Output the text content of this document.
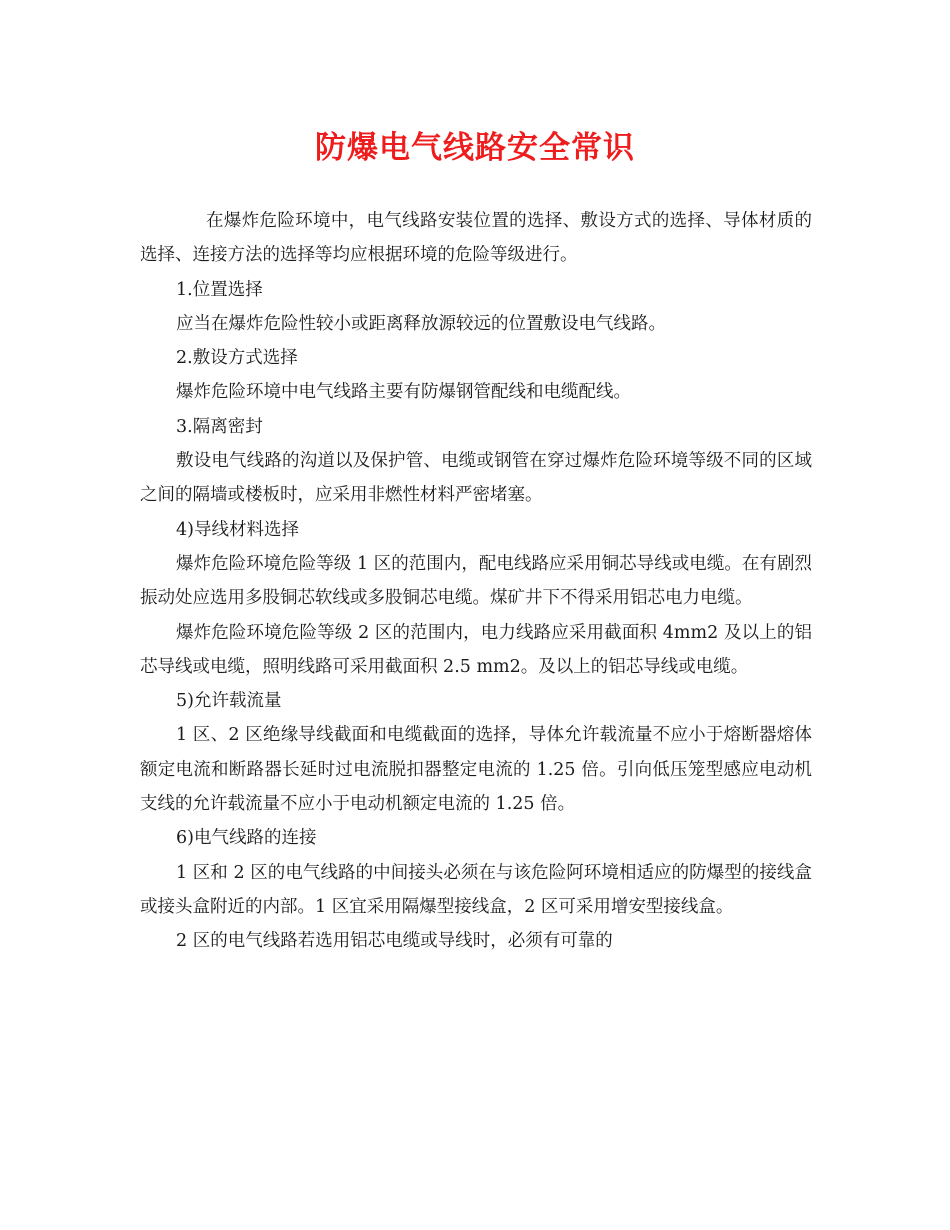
防爆电气线路安全常识

在爆炸危险环境中，电气线路安装位置的选择、敷设方式的选择、导体材质的选择、连接方法的选择等均应根据环境的危险等级进行。

1.位置选择

应当在爆炸危险性较小或距离释放源较远的位置敷设电气线路。

2.敷设方式选择

爆炸危险环境中电气线路主要有防爆钢管配线和电缆配线。

3.隔离密封

敷设电气线路的沟道以及保护管、电缆或钢管在穿过爆炸危险环境等级不同的区域之间的隔墙或楼板时，应采用非燃性材料严密堵塞。

4)导线材料选择

爆炸危险环境危险等级 1 区的范围内，配电线路应采用铜芯导线或电缆。在有剧烈振动处应选用多股铜芯软线或多股铜芯电缆。煤矿井下不得采用铝芯电力电缆。

爆炸危险环境危险等级 2 区的范围内，电力线路应采用截面积 4mm2 及以上的铝芯导线或电缆，照明线路可采用截面积 2.5 mm2。及以上的铝芯导线或电缆。

5)允许载流量

1 区、2 区绝缘导线截面和电缆截面的选择，导体允许载流量不应小于熔断器熔体额定电流和断路器长延时过电流脱扣器整定电流的 1.25 倍。引向低压笼型感应电动机支线的允许载流量不应小于电动机额定电流的 1.25 倍。

6)电气线路的连接

1 区和 2 区的电气线路的中间接头必须在与该危险阿环境相适应的防爆型的接线盒或接头盒附近的内部。1 区宜采用隔爆型接线盒，2 区可采用增安型接线盒。

2 区的电气线路若选用铝芯电缆或导线时，必须有可靠的
